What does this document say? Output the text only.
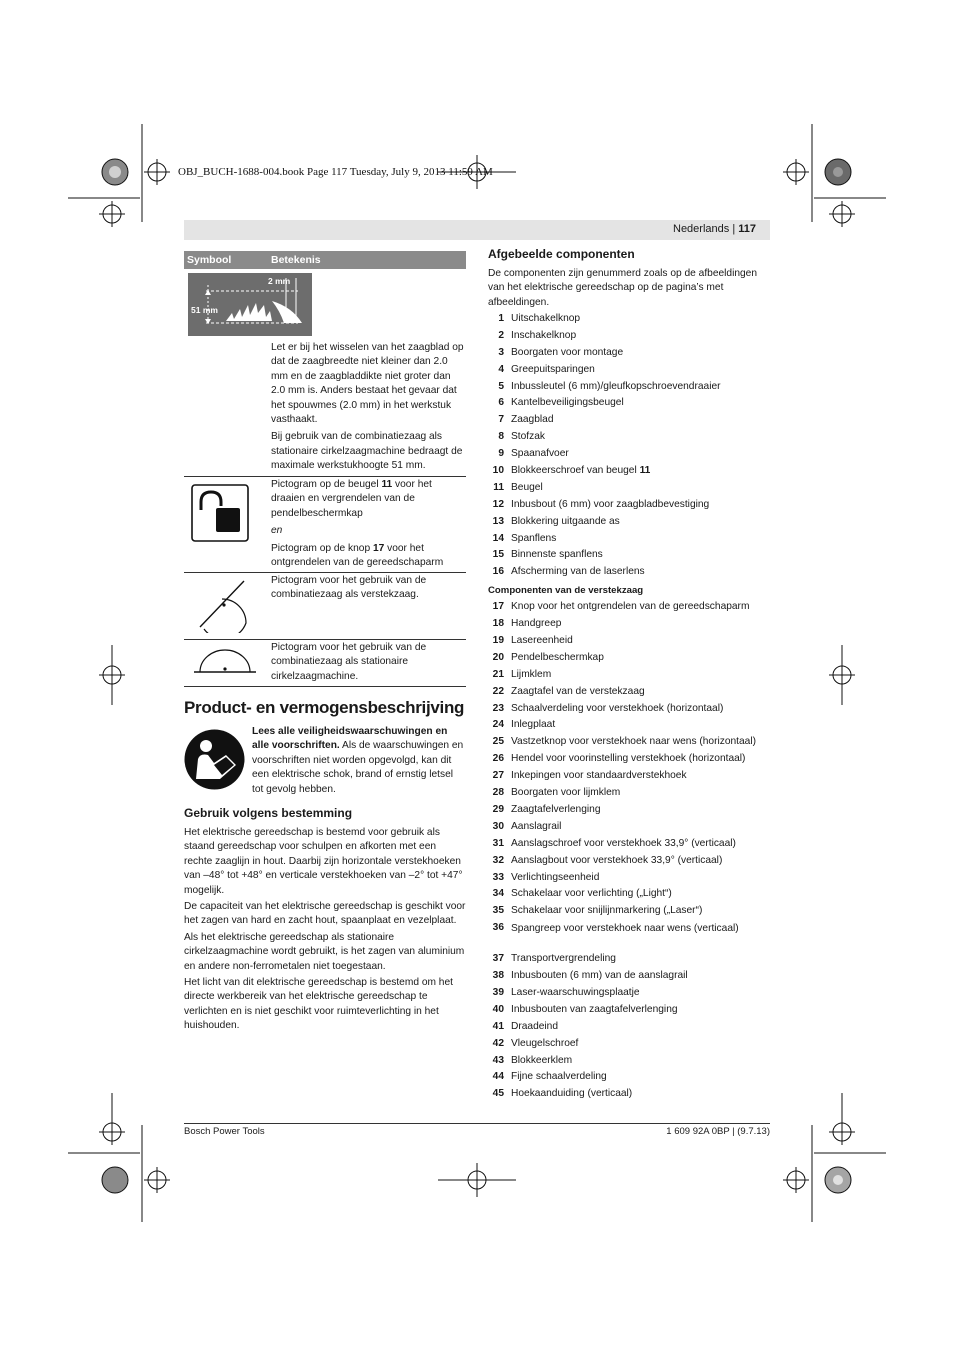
OBJ_BUCH-1688-004.book Page 117 Tuesday, July 9, 2013 11:59 AM
Nederlands | 117
Symbool	Betekenis
2 mm
51 mm

Let er bij het wisselen van het zaagblad op dat de zaagbreedte niet kleiner dan 2.0 mm en de zaagbladdikte niet groter dan 2.0 mm is. Anders bestaat het gevaar dat het spouwmes (2.0 mm) in het werkstuk vasthaakt.

Bij gebruik van de combinatiezaag als stationaire cirkelzaagmachine bedraagt de maximale werkstukhoogte 51 mm.

Pictogram op de beugel 11 voor het draaien en vergrendelen van de pendelbeschermkap

en

Pictogram op de knop 17 voor het ontgrendelen van de gereedschaparm

Pictogram voor het gebruik van de combinatiezaag als verstekzaag.

Pictogram voor het gebruik van de combinatiezaag als stationaire cirkelzaagmachine.

Product- en vermogensbeschrijving
Lees alle veiligheidswaarschuwingen en alle voorschriften. Als de waarschuwingen en voorschriften niet worden opgevolgd, kan dit een elektrische schok, brand of ernstig letsel tot gevolg hebben.
Gebruik volgens bestemming

Het elektrische gereedschap is bestemd voor gebruik als staand gereedschap voor schulpen en afkorten met een rechte zaaglijn in hout. Daarbij zijn horizontale verstekhoeken van –48° tot +48° en verticale verstekhoeken van –2° tot +47° mogelijk.

De capaciteit van het elektrische gereedschap is geschikt voor het zagen van hard en zacht hout, spaanplaat en vezelplaat.

Als het elektrische gereedschap als stationaire cirkelzaagmachine wordt gebruikt, is het zagen van aluminium en andere non-ferrometalen niet toegestaan.

Het licht van dit elektrische gereedschap is bestemd om het directe werkbereik van het elektrische gereedschap te verlichten en is niet geschikt voor ruimteverlichting in het huishouden.

Afgebeelde componenten
De componenten zijn genummerd zoals op de afbeeldingen van het elektrische gereedschap op de pagina’s met afbeeldingen.
1 Uitschakelknop
2 Inschakelknop
3 Boorgaten voor montage
4 Greepuitsparingen
5 Inbussleutel (6 mm)/gleufkopschroevendraaier
6 Kantelbeveiligingsbeugel
7 Zaagblad
8 Stofzak
9 Spaanafvoer
10 Blokkeerschroef van beugel 11
11 Beugel
12 Inbusbout (6 mm) voor zaagbladbevestiging
13 Blokkering uitgaande as
14 Spanflens
15 Binnenste spanflens
16 Afscherming van de laserlens
Componenten van de verstekzaag
17 Knop voor het ontgrendelen van de gereedschaparm
18 Handgreep
19 Lasereenheid
20 Pendelbeschermkap
21 Lijmklem
22 Zaagtafel van de verstekzaag
23 Schaalverdeling voor verstekhoek (horizontaal)
24 Inlegplaat
25 Vastzetknop voor verstekhoek naar wens (horizontaal)
26 Hendel voor voorinstelling verstekhoek (horizontaal)
27 Inkepingen voor standaardverstekhoek
28 Boorgaten voor lijmklem
29 Zaagtafelverlenging
30 Aanslagrail
31 Aanslagschroef voor verstekhoek 33,9° (verticaal)
32 Aanslagbout voor verstekhoek 33,9° (verticaal)
33 Verlichtingseenheid
34 Schakelaar voor verlichting („Light“)
35 Schakelaar voor snijlijnmarkering („Laser“)
36 Spangreep voor verstekhoek naar wens (verticaal)
37 Transportvergrendeling
38 Inbusbouten (6 mm) van de aanslagrail
39 Laser-waarschuwingsplaatje
40 Inbusbouten van zaagtafelverlenging
41 Draadeind
42 Vleugelschroef
43 Blokkeerklem
44 Fijne schaalverdeling
45 Hoekaanduiding (verticaal)
Bosch Power Tools	1 609 92A 0BP | (9.7.13)
